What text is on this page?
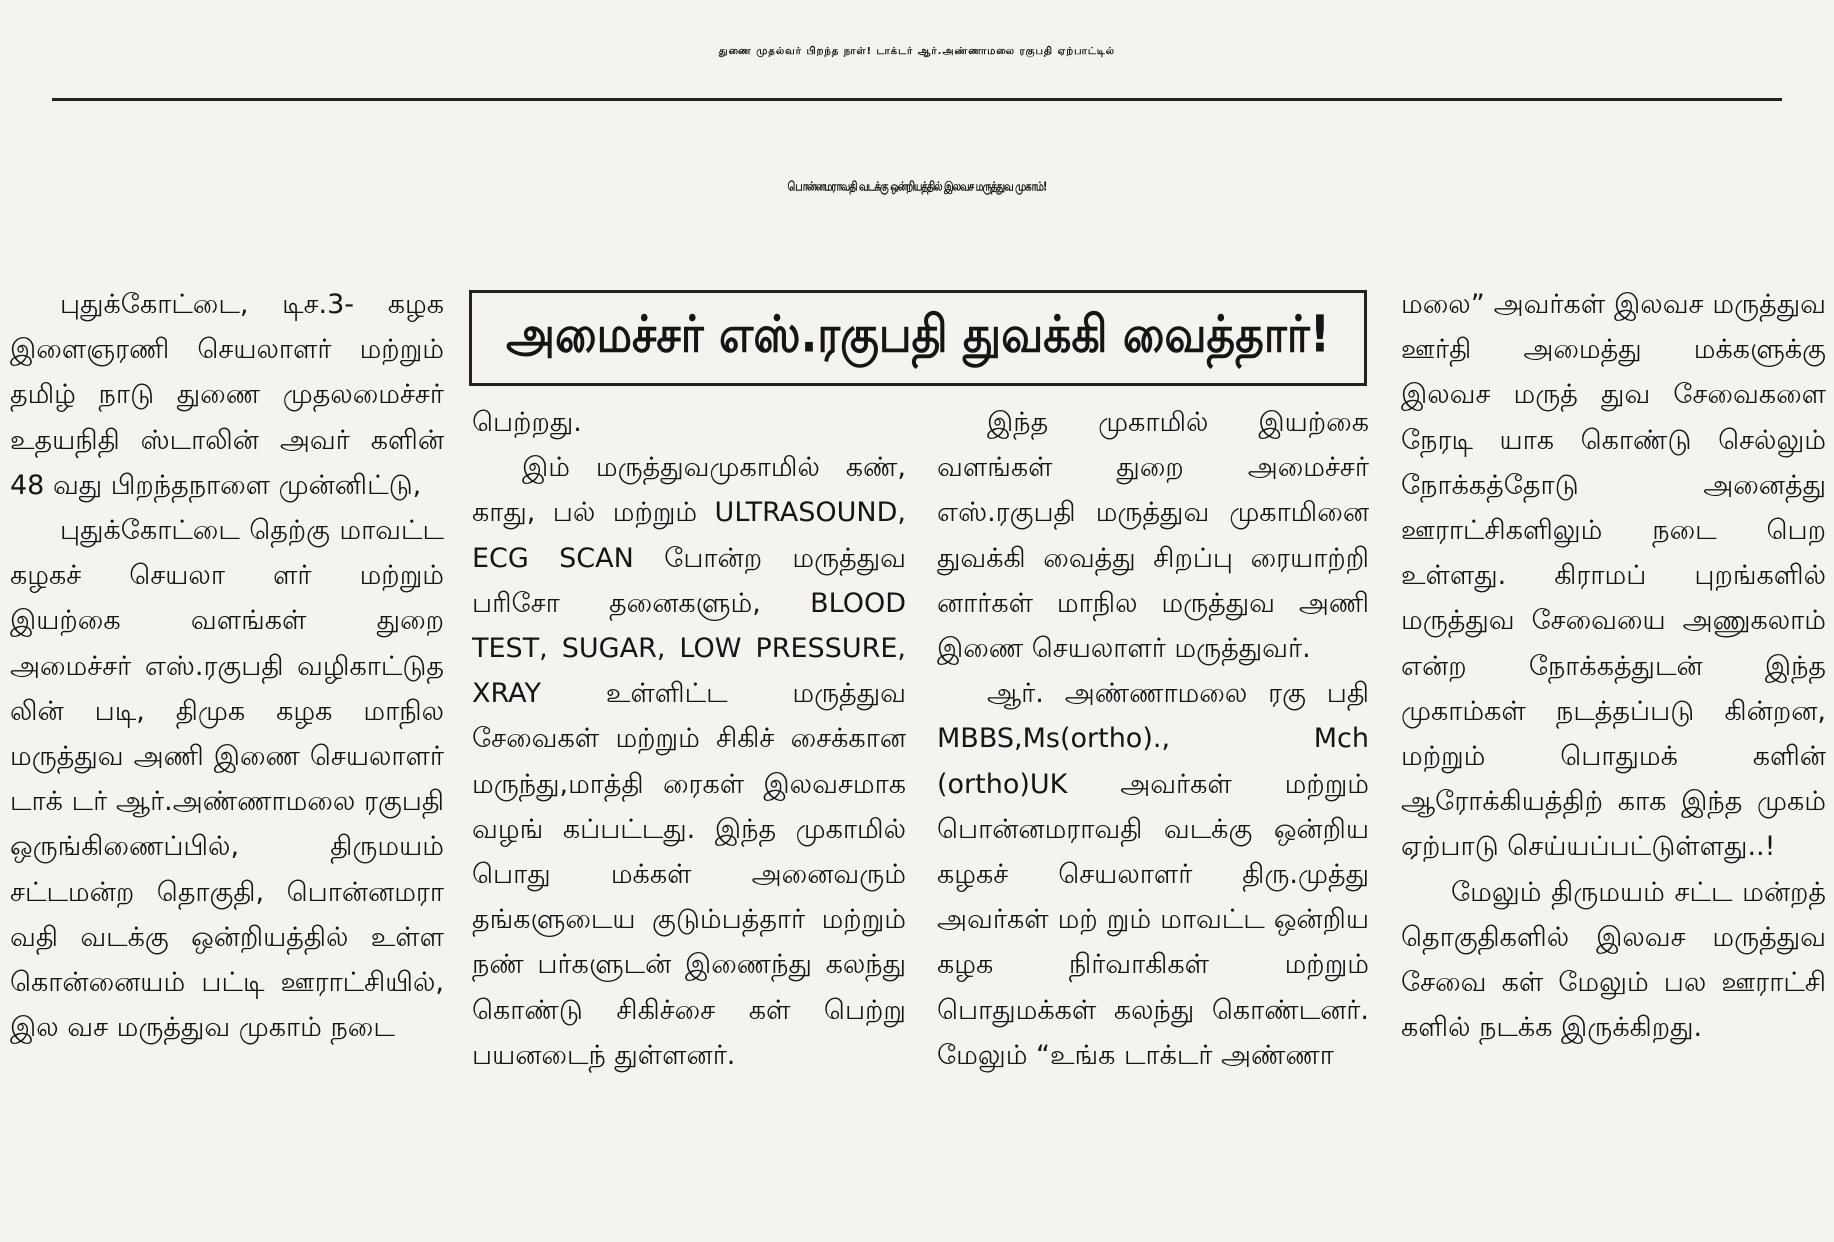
துணை முதல்வர் பிறந்த நாள்! டாக்டர் ஆர்.அண்ணாமலை ரகுபதி ஏற்பாட்டில்
பொன்னமராவதி வடக்கு ஒன்றியத்தில் இலவச மருத்துவ முகாம்!
அமைச்சர் எஸ்.ரகுபதி துவக்கி வைத்தார்!

புதுக்கோட்டை, டிச.3- கழக இளைஞரணி செயலாளர் மற்றும் தமிழ் நாடு துணை முதலமைச்சர் உதயநிதி ஸ்டாலின் அவர் களின் 48 வது பிறந்தநாளை முன்னிட்டு,

புதுக்கோட்டை தெற்கு மாவட்ட கழகச் செயலா ளர் மற்றும் இயற்கை வளங்கள் துறை அமைச்சர் எஸ்.ரகுபதி வழிகாட்டுத லின் படி, திமுக கழக மாநில மருத்துவ அணி இணை செயலாளர் டாக் டர் ஆர்.அண்ணாமலை ரகுபதி ஒருங்கிணைப்பில், திருமயம் சட்டமன்ற தொகுதி, பொன்னமரா வதி வடக்கு ஒன்றியத்தில் உள்ள கொன்னையம் பட்டி ஊராட்சியில், இல வச மருத்துவ முகாம் நடை

பெற்றது.

இம் மருத்துவமுகாமில் கண், காது, பல் மற்றும் ULTRASOUND, ECG SCAN போன்ற மருத்துவ பரிசோ தனைகளும், BLOOD TEST, SUGAR, LOW PRESSURE, XRAY உள்ளிட்ட மருத்துவ சேவைகள் மற்றும் சிகிச் சைக்கான மருந்து,மாத்தி ரைகள் இலவசமாக வழங் கப்பட்டது. இந்த முகாமில் பொது மக்கள் அனைவரும் தங்களுடைய குடும்பத்தார் மற்றும் நண் பர்களுடன் இணைந்து கலந்து கொண்டு சிகிச்சை கள் பெற்று பயனடைந் துள்ளனர்.

இந்த முகாமில் இயற்கை வளங்கள் துறை அமைச்சர் எஸ்.ரகுபதி மருத்துவ முகாமினை துவக்கி வைத்து சிறப்பு ரையாற்றி னார்கள் மாநில மருத்துவ அணி இணை செயலாளர் மருத்துவர்.

ஆர். அண்ணாமலை ரகு பதி MBBS,Ms(ortho)., Mch (ortho)UK அவர்கள் மற்றும் பொன்னமராவதி வடக்கு ஒன்றிய கழகச் செயலாளர் திரு.முத்து அவர்கள் மற் றும் மாவட்ட ஒன்றிய கழக நிர்வாகிகள் மற்றும் பொதுமக்கள் கலந்து கொண்டனர். மேலும் “உங்க டாக்டர் அண்ணா

மலை” அவர்கள் இலவச மருத்துவ ஊர்தி அமைத்து மக்களுக்கு இலவச மருத் துவ சேவைகளை நேரடி யாக கொண்டு செல்லும் நோக்கத்தோடு அனைத்து ஊராட்சிகளிலும் நடை பெற உள்ளது. கிராமப் புறங்களில் மருத்துவ சேவையை அணுகலாம் என்ற நோக்கத்துடன் இந்த முகாம்கள் நடத்தப்படு கின்றன, மற்றும் பொதுமக் களின் ஆரோக்கியத்திற் காக இந்த முகம் ஏற்பாடு செய்யப்பட்டுள்ளது..!

மேலும் திருமயம் சட்ட மன்றத் தொகுதிகளில் இலவச மருத்துவ சேவை கள் மேலும் பல ஊராட்சி களில் நடக்க இருக்கிறது.
